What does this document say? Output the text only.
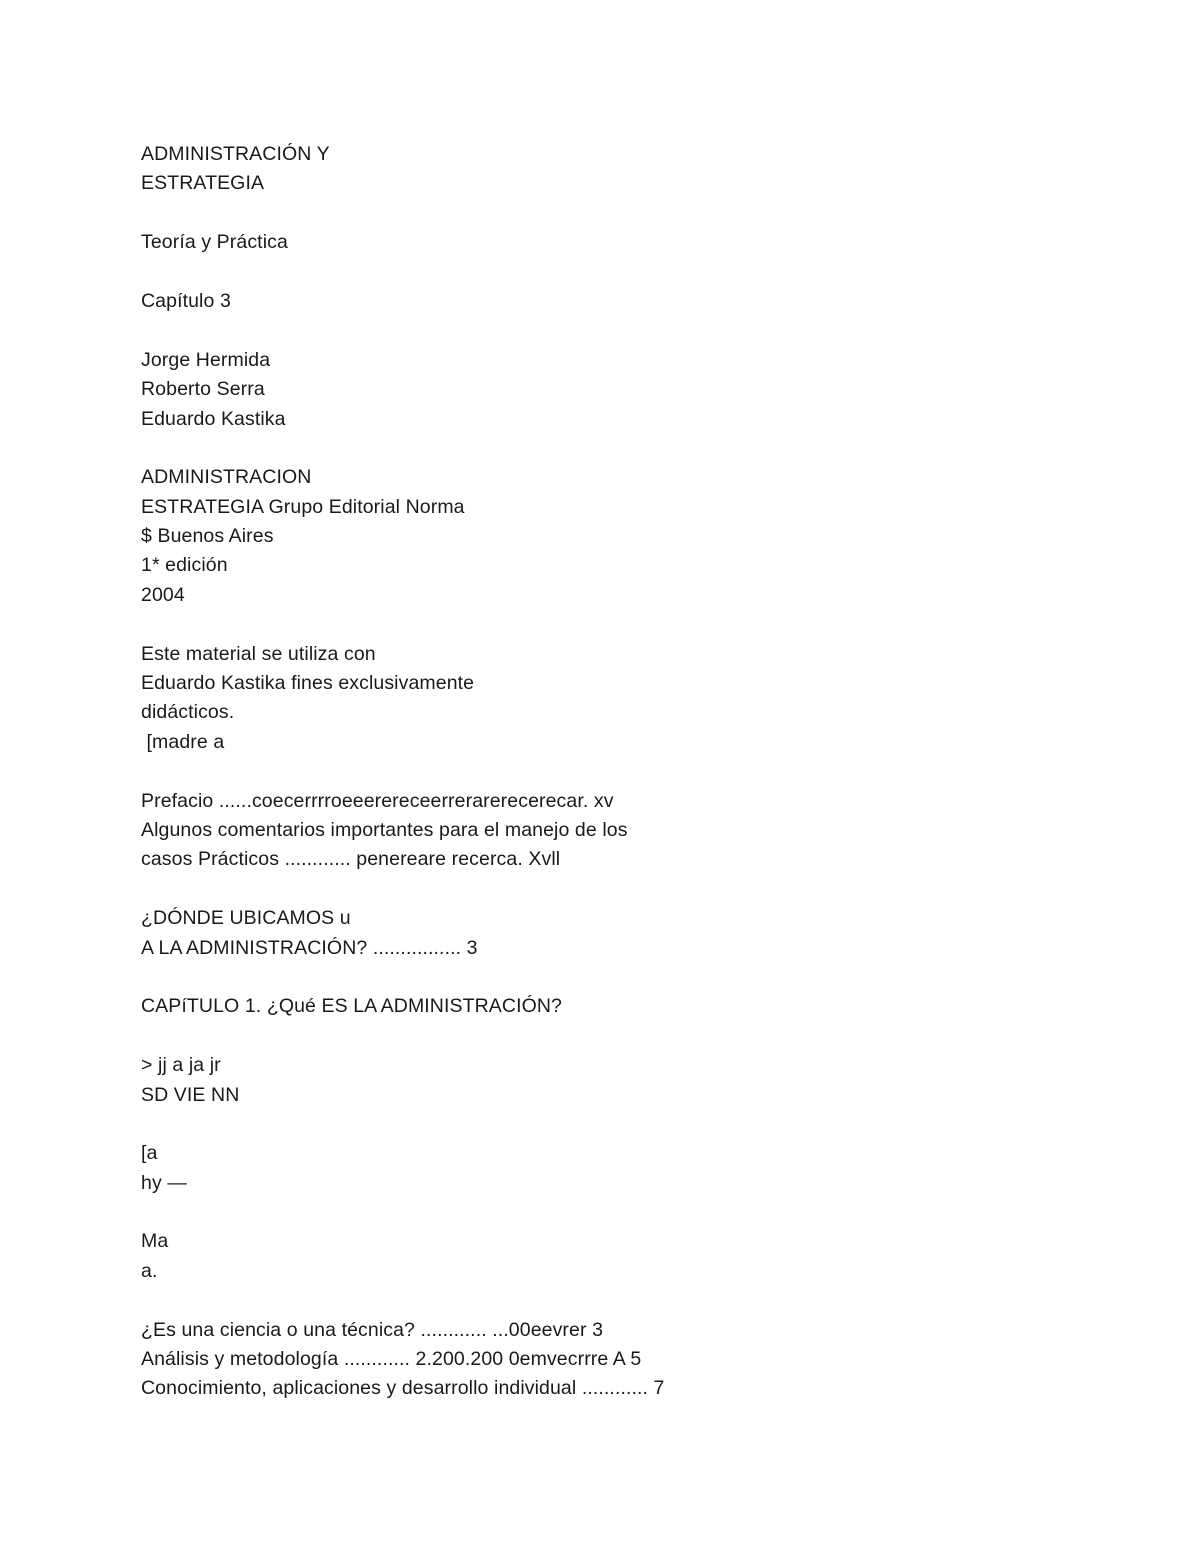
ADMINISTRACIÓN Y
ESTRATEGIA
Teoría y Práctica
Capítulo 3
Jorge Hermida
Roberto Serra
Eduardo Kastika
ADMINISTRACION
ESTRATEGIA Grupo Editorial Norma
$ Buenos Aires
1* edición
2004
Este material se utiliza con
Eduardo Kastika fines exclusivamente
didácticos.
[madre a
Prefacio ......coecerrrroeeerereceerrerarerecerecar. xv
Algunos comentarios importantes para el manejo de los
casos Prácticos ............ penereare recerca. Xvll
¿DÓNDE UBICAMOS u
A LA ADMINISTRACIÓN? ................ 3
CAPíTULO 1. ¿Qué ES LA ADMINISTRACIÓN?
> jj a ja jr
SD VIE NN
[a
hy —
Ma
a.
¿Es una ciencia o una técnica? ............ ...00eevrer 3
Análisis y metodología ............ 2.200.200 0emvecrrre A 5
Conocimiento, aplicaciones y desarrollo individual ............ 7
